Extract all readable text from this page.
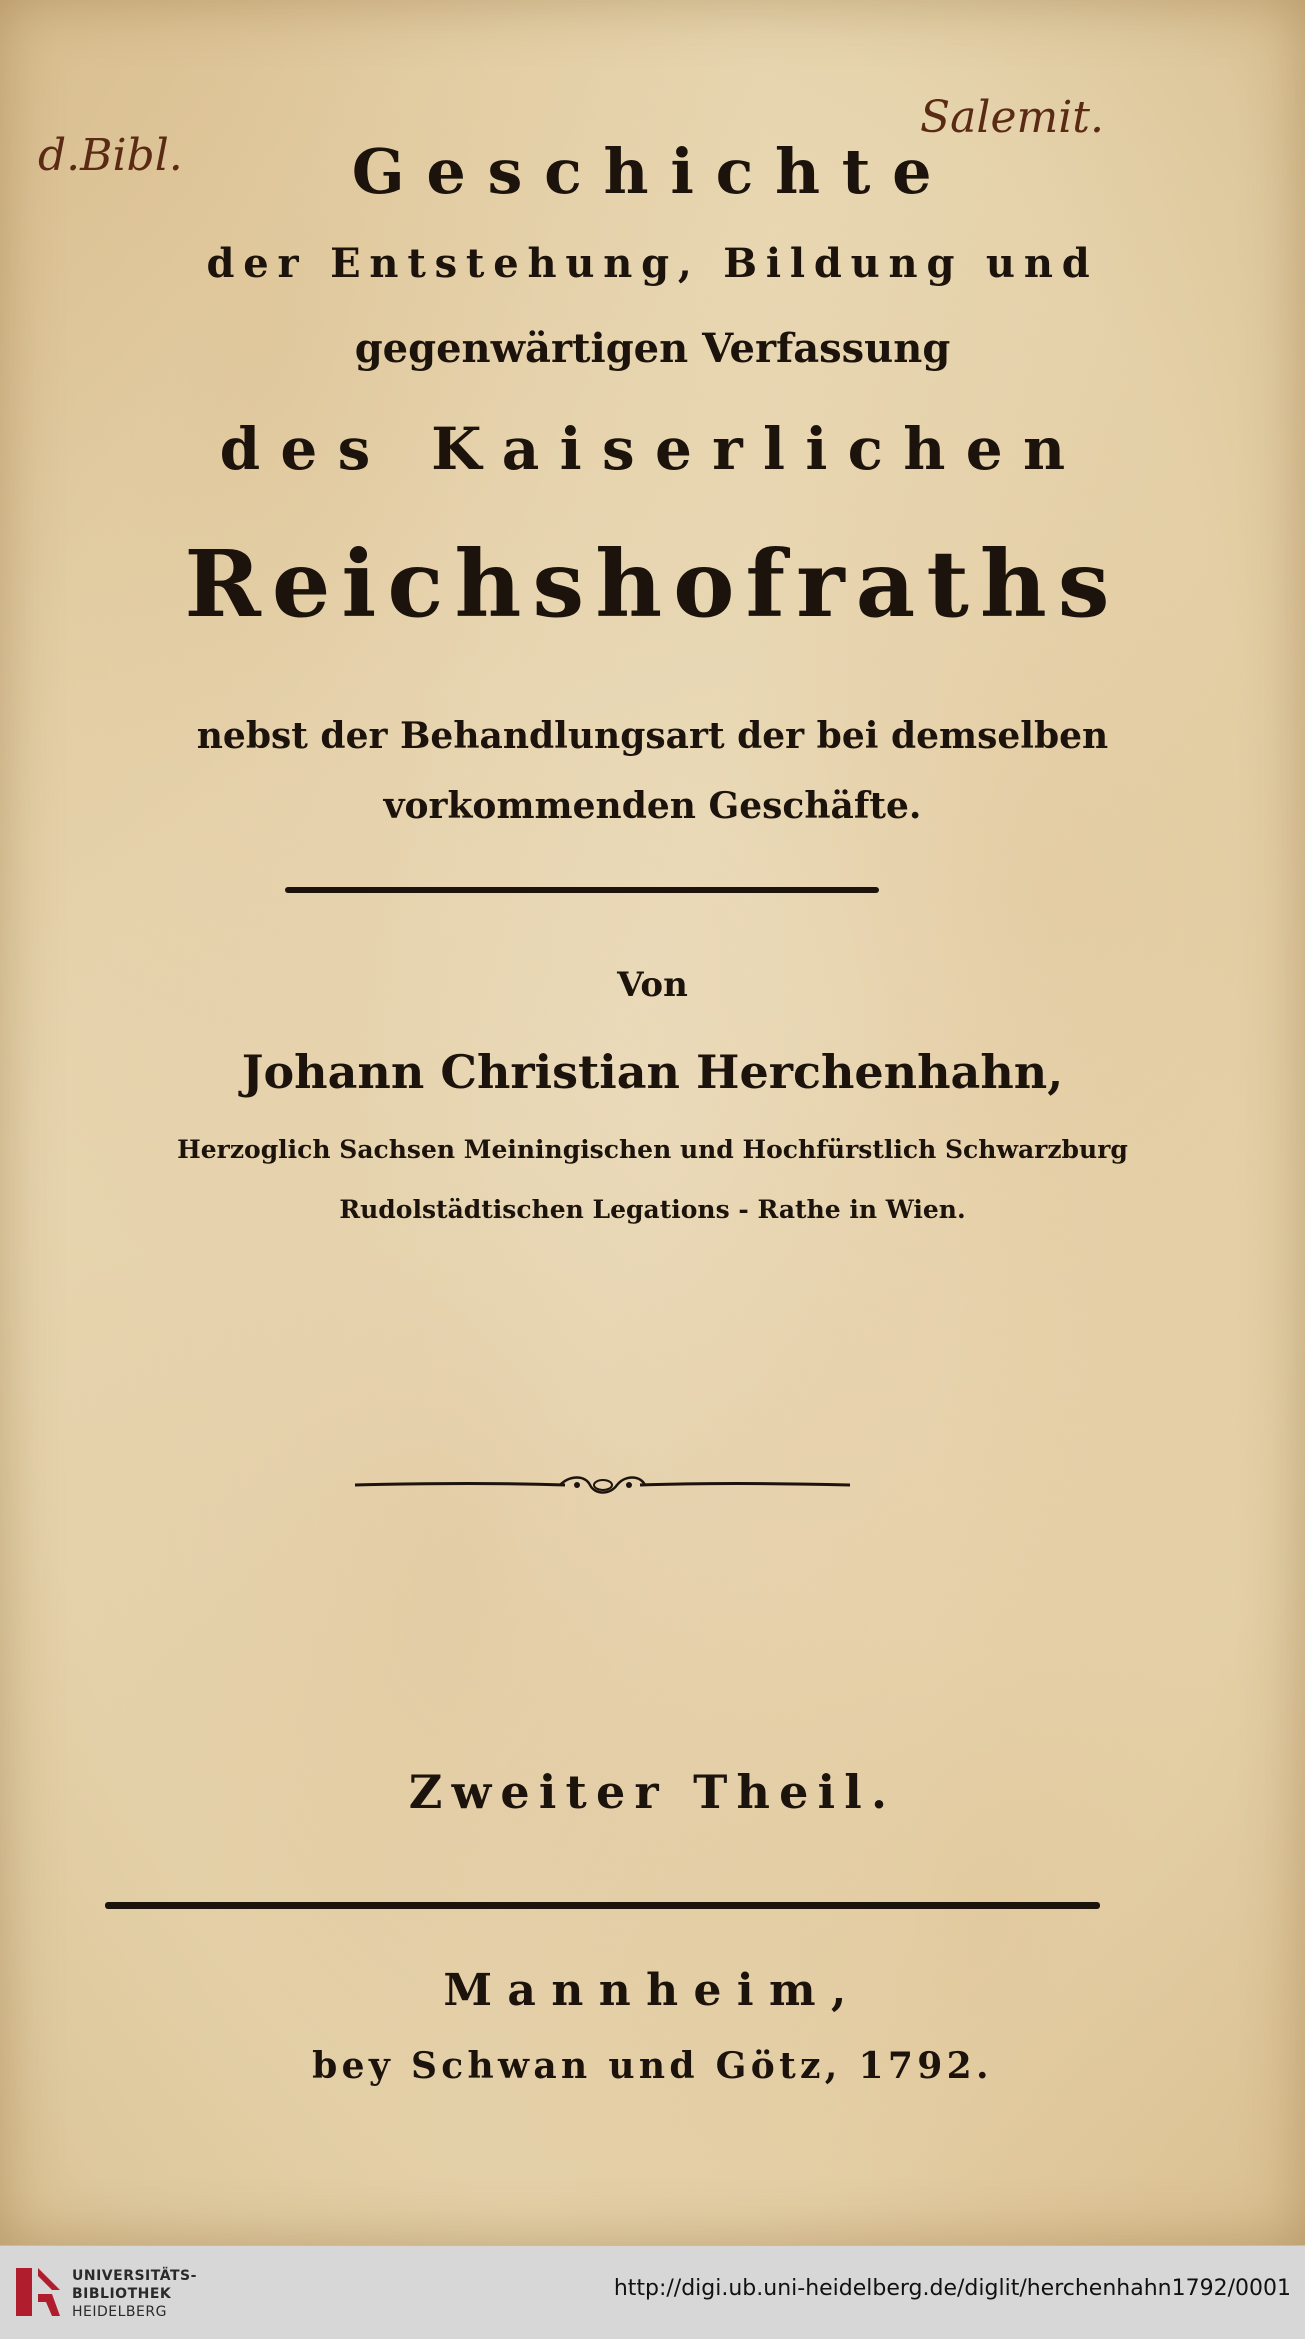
d.Bibl.
Salemit.
Geschichte
der Entstehung, Bildung und
gegenwärtigen Verfassung
des Kaiserlichen
Reichshofraths
nebst der Behandlungsart der bei demselben
vorkommenden Geschäfte.
Von
Johann Christian Herchenhahn,
Herzoglich Sachsen Meiningischen und Hochfürstlich Schwarzburg
Rudolstädtischen Legations - Rathe in Wien.
Zweiter Theil.
Mannheim,
bey Schwan und Götz, 1792.
UNIVERSITÄTS-
BIBLIOTHEK
HEIDELBERG
http://digi.ub.uni-heidelberg.de/diglit/herchenhahn1792/0001
